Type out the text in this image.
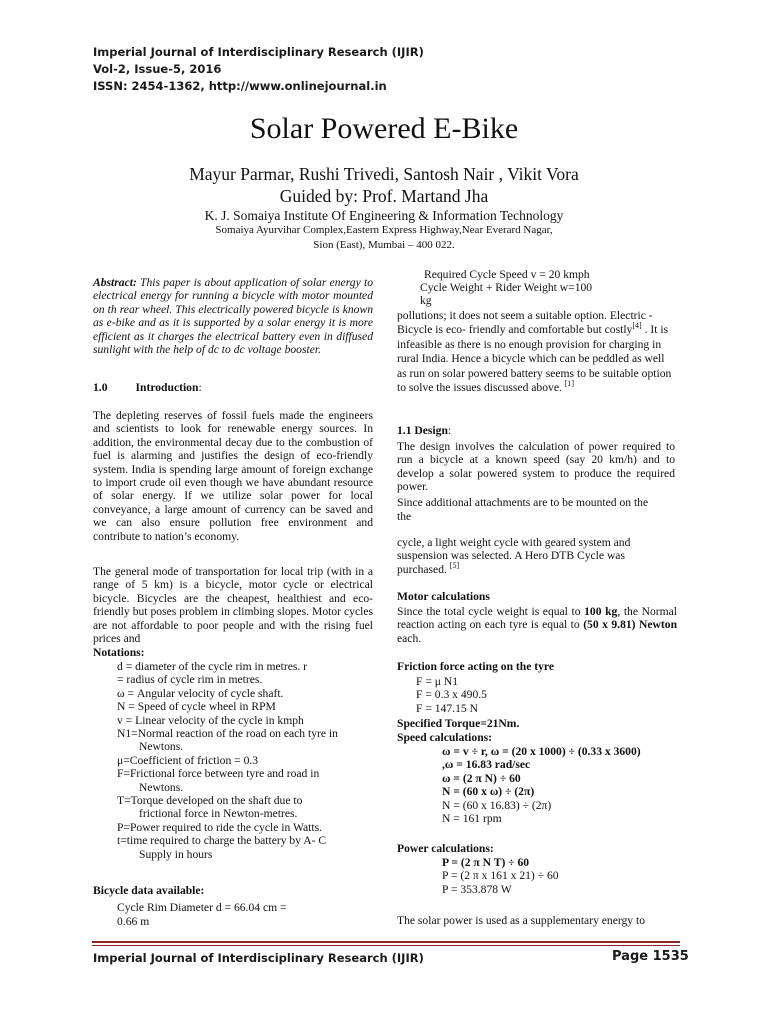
Imperial Journal of Interdisciplinary Research (IJIR)
Vol-2, Issue-5, 2016
ISSN: 2454-1362, http://www.onlinejournal.in
Solar Powered E-Bike
Mayur Parmar, Rushi Trivedi, Santosh Nair , Vikit Vora
Guided by: Prof. Martand Jha
K. J. Somaiya Institute Of Engineering & Information Technology
Somaiya Ayurvihar Complex,Eastern Express Highway,Near Everard Nagar,
Sion (East), Mumbai – 400 022.
Abstract: This paper is about application of solar energy to electrical energy for running a bicycle with motor mounted on th rear wheel. This electrically powered bicycle is known as e-bike and as it is supported by a solar energy it is more efficient as it charges the electrical battery even in diffused sunlight with the help of dc to dc voltage booster.
1.0 Introduction:
The depleting reserves of fossil fuels made the engineers and scientists to look for renewable energy sources. In addition, the environmental decay due to the combustion of fuel is alarming and justifies the design of eco-friendly system. India is spending large amount of foreign exchange to import crude oil even though we have abundant resource of solar energy. If we utilize solar power for local conveyance, a large amount of currency can be saved and we can also ensure pollution free environment and contribute to nation’s economy.
The general mode of transportation for local trip (with in a range of 5 km) is a bicycle, motor cycle or electrical bicycle. Bicycles are the cheapest, healthiest and eco-friendly but poses problem in climbing slopes. Motor cycles are not affordable to poor people and with the rising fuel prices and
Notations:
d = diameter of the cycle rim in metres. r
= radius of cycle rim in metres.
ω = Angular velocity of cycle shaft.
N = Speed of cycle wheel in RPM
v = Linear velocity of the cycle in kmph
N1=Normal reaction of the road on each tyre in
Newtons.
μ=Coefficient of friction = 0.3
F=Frictional force between tyre and road in
Newtons.
T=Torque developed on the shaft due to
frictional force in Newton-metres.
P=Power required to ride the cycle in Watts.
t=time required to charge the battery by A- C
Supply in hours
Bicycle data available:
Cycle Rim Diameter d = 66.04 cm =
0.66 m
Required Cycle Speed v = 20 kmph
Cycle Weight + Rider Weight w=100
kg
pollutions; it does not seem a suitable option. Electric - Bicycle is eco- friendly and comfortable but costly[4] . It is infeasible as there is no enough provision for charging in rural India. Hence a bicycle which can be peddled as well as run on solar powered battery seems to be suitable option to solve the issues discussed above. [1]
1.1 Design:
The design involves the calculation of power required to run a bicycle at a known speed (say 20 km/h) and to develop a solar powered system to produce the required power.
Since additional attachments are to be mounted on the
the
cycle, a light weight cycle with geared system and suspension was selected. A Hero DTB Cycle was purchased. [5]
Motor calculations
Since the total cycle weight is equal to 100 kg, the Normal reaction acting on each tyre is equal to (50 x 9.81) Newton each.
Friction force acting on the tyre
F = μ N1
F = 0.3 x 490.5
F = 147.15 N
Specified Torque=21Nm.
Speed calculations:
ω = v ÷ r, ω = (20 x 1000) ÷ (0.33 x 3600)
,ω = 16.83 rad/sec
ω = (2 π N) ÷ 60
N = (60 x ω) ÷ (2π)
N = (60 x 16.83) ÷ (2π)
N = 161 rpm
Power calculations:
P = (2 π N T) ÷ 60
P = (2 π x 161 x 21) ÷ 60
P = 353.878 W
The solar power is used as a supplementary energy to
Imperial Journal of Interdisciplinary Research (IJIR)	Page 1535
